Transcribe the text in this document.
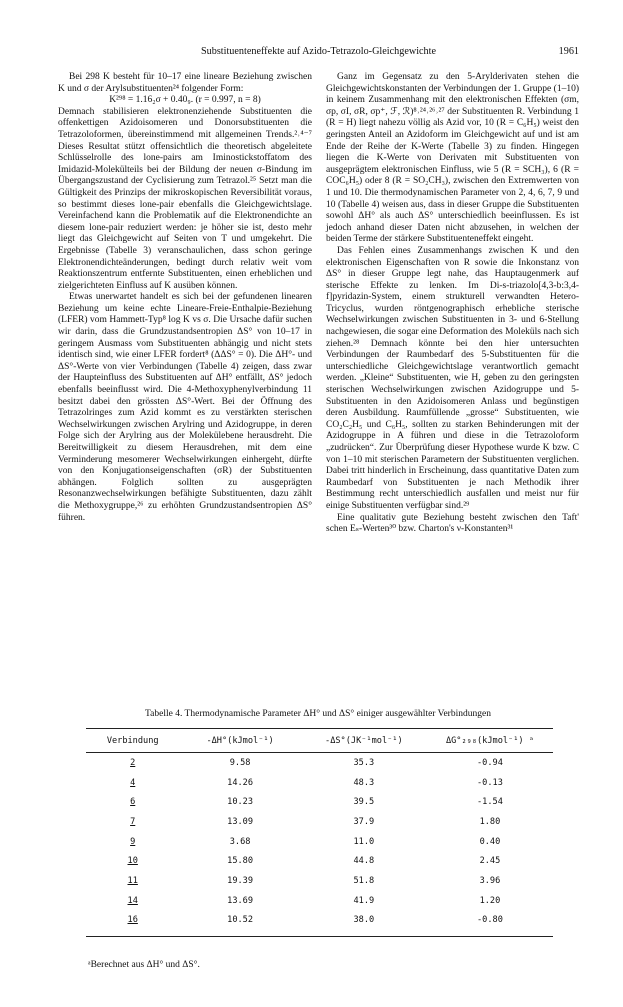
Substituenteneffekte auf Azido-Tetrazolo-Gleichgewichte	1961

Bei 298 K besteht für 10–17 eine lineare Beziehung zwischen K und σ der Arylsubstituenten²⁴ folgender Form:

K²⁹⁸ = 1.16₂σ + 0.40₉. (r = 0.997, n = 8)

Demnach stabilisieren elektronenziehende Substituenten die offenkettigen Azidoisomeren und Donorsubstituenten die Tetrazoloformen, übereinstimmend mit allgemeinen Trends.²˒⁴⁻⁷ Dieses Resultat stützt offensichtlich die theoretisch abgeleitete Schlüsselrolle des lone-pairs am Iminostickstoffatom des Imidazid-Molekülteils bei der Bildung der neuen σ-Bindung im Übergangszustand der Cyclisierung zum Tetrazol.²⁵ Setzt man die Gültigkeit des Prinzips der mikroskopischen Reversibilität voraus, so bestimmt dieses lone-pair ebenfalls die Gleichgewichtslage. Vereinfachend kann die Problematik auf die Elektronendichte an diesem lone-pair reduziert werden: je höher sie ist, desto mehr liegt das Gleichgewicht auf Seiten von T und umgekehrt. Die Ergebnisse (Tabelle 3) veranschaulichen, dass schon geringe Elektronendichteänderungen, bedingt durch relativ weit vom Reaktionszentrum entfernte Substituenten, einen erheblichen und zielgerichteten Einfluss auf K ausüben können.

Etwas unerwartet handelt es sich bei der gefundenen linearen Beziehung um keine echte Lineare-Freie-Enthalpie-Beziehung (LFER) vom Hammett-Typ⁸ log K vs σ. Die Ursache dafür suchen wir darin, dass die Grundzustandsentropien ΔS° von 10–17 in geringem Ausmass vom Substituenten abhängig und nicht stets identisch sind, wie einer LFER fordert⁸ (ΔΔS° = 0). Die ΔH°- und ΔS°-Werte von vier Verbindungen (Tabelle 4) zeigen, dass zwar der Haupteinfluss des Substituenten auf ΔH° entfällt, ΔS° jedoch ebenfalls beeinflusst wird. Die 4-Methoxyphenylverbindung 11 besitzt dabei den grössten ΔS°-Wert. Bei der Öffnung des Tetrazolringes zum Azid kommt es zu verstärkten sterischen Wechselwirkungen zwischen Arylring und Azidogruppe, in deren Folge sich der Arylring aus der Molekülebene herausdreht. Die Bereitwilligkeit zu diesem Herausdrehen, mit dem eine Verminderung mesomerer Wechselwirkungen einhergeht, dürfte von den Konjugationseigenschaften (σR) der Substituenten abhängen. Folglich sollten zu ausgeprägten Resonanzwechselwirkungen befähigte Substituenten, dazu zählt die Methoxygruppe,²⁶ zu erhöhten Grundzustandsentropien ΔS° führen.

Ganz im Gegensatz zu den 5-Arylderivaten stehen die Gleichgewichtskonstanten der Verbindungen der 1. Gruppe (1–10) in keinem Zusammenhang mit den elektronischen Effekten (σm, σp, σI, σR, σp⁺, ℱ, ℛ)⁸˒²⁴˒²⁶˒²⁷ der Substituenten R. Verbindung 1 (R = H) liegt nahezu völlig als Azid vor, 10 (R = C₆H₅) weist den geringsten Anteil an Azidoform im Gleichgewicht auf und ist am Ende der Reihe der K-Werte (Tabelle 3) zu finden. Hingegen liegen die K-Werte von Derivaten mit Substituenten von ausgeprägtem elektronischen Einfluss, wie 5 (R = SCH₃), 6 (R = COC₆H₅) oder 8 (R = SO₂CH₃), zwischen den Extremwerten von 1 und 10. Die thermodynamischen Parameter von 2, 4, 6, 7, 9 und 10 (Tabelle 4) weisen aus, dass in dieser Gruppe die Substituenten sowohl ΔH° als auch ΔS° unterschiedlich beeinflussen. Es ist jedoch anhand dieser Daten nicht abzusehen, in welchen der beiden Terme der stärkere Substituenteneffekt eingeht.

Das Fehlen eines Zusammenhangs zwischen K und den elektronischen Eigenschaften von R sowie die Inkonstanz von ΔS° in dieser Gruppe legt nahe, das Hauptaugenmerk auf sterische Effekte zu lenken. Im Di-s-triazolo[4,3-b:3,4-f]pyridazin-System, einem strukturell verwandten Hetero-Tricyclus, wurden röntgenographisch erhebliche sterische Wechselwirkungen zwischen Substituenten in 3- und 6-Stellung nachgewiesen, die sogar eine Deformation des Moleküls nach sich ziehen.²⁸ Demnach könnte bei den hier untersuchten Verbindungen der Raumbedarf des 5-Substituenten für die unterschiedliche Gleichgewichtslage verantwortlich gemacht werden. „Kleine“ Substituenten, wie H, geben zu den geringsten sterischen Wechselwirkungen zwischen Azidogruppe und 5-Substituenten in den Azidoisomeren Anlass und begünstigen deren Ausbildung. Raumfüllende „grosse“ Substituenten, wie CO₂C₂H₅ und C₆H₅, sollten zu starken Behinderungen mit der Azidogruppe in A führen und diese in die Tetrazoloform „zudrücken“. Zur Überprüfung dieser Hypothese wurde K bzw. C von 1–10 mit sterischen Parametern der Substituenten verglichen. Dabei tritt hinderlich in Erscheinung, dass quantitative Daten zum Raumbedarf von Substituenten je nach Methodik ihrer Bestimmung recht unterschiedlich ausfallen und meist nur für einige Substituenten verfügbar sind.²⁹

Eine qualitativ gute Beziehung besteht zwischen den Taft' schen Eₛ-Werten³⁰ bzw. Charton's ν-Konstanten³¹

Tabelle 4. Thermodynamische Parameter ΔH° und ΔS° einiger ausgewählter Verbindungen
Verbindung	-ΔH°(kJmol⁻¹)	-ΔS°(JK⁻¹mol⁻¹)	ΔG°₂₉₈(kJmol⁻¹) ᵃ
2	9.58	35.3	-0.94
4	14.26	48.3	-0.13
6	10.23	39.5	-1.54
7	13.09	37.9	1.80
9	3.68	11.0	0.40
10	15.80	44.8	2.45
11	19.39	51.8	3.96
14	13.69	41.9	1.20
16	10.52	38.0	-0.80
ᵃBerechnet aus ΔH° und ΔS°.
